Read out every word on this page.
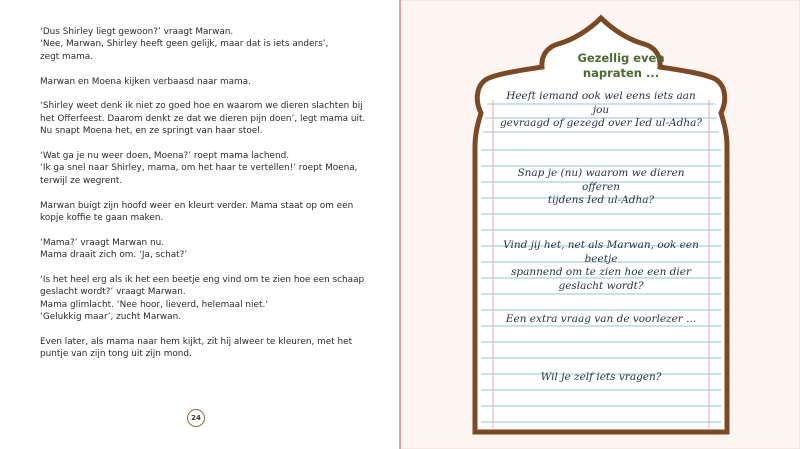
‘Dus Shirley liegt gewoon?’ vraagt Marwan.
‘Nee, Marwan, Shirley heeft geen gelijk, maar dat is iets anders’,
zegt mama.

Marwan en Moena kijken verbaasd naar mama.

‘Shirley weet denk ik niet zo goed hoe en waarom we dieren slachten bij
het Offerfeest. Daarom denkt ze dat we dieren pijn doen’, legt mama uit.
Nu snapt Moena het, en ze springt van haar stoel.

‘Wat ga je nu weer doen, Moena?’ roept mama lachend.
‘Ik ga snel naar Shirley, mama, om het haar te vertellen!’ roept Moena,
terwijl ze wegrent.

Marwan buigt zijn hoofd weer en kleurt verder. Mama staat op om een
kopje koffie te gaan maken.

‘Mama?’ vraagt Marwan nu.
Mama draait zich om. ‘Ja, schat?’

‘Is het heel erg als ik het een beetje eng vind om te zien hoe een schaap
geslacht wordt?’ vraagt Marwan.
Mama glimlacht. ‘Nee hoor, lieverd, helemaal niet.’
‘Gelukkig maar’, zucht Marwan.

Even later, als mama naar hem kijkt, zit hij alweer te kleuren, met het
puntje van zijn tong uit zijn mond.

24
Gezellig even
napraten ...
Heeft iemand ook wel eens iets aan jou
gevraagd of gezegd over Ied ul-Adha?
Snap je (nu) waarom we dieren offeren
tijdens Ied ul-Adha?
Vind jij het, net als Marwan, ook een beetje
spannend om te zien hoe een dier geslacht wordt?
Een extra vraag van de voorlezer ...
Wil je zelf iets vragen?
